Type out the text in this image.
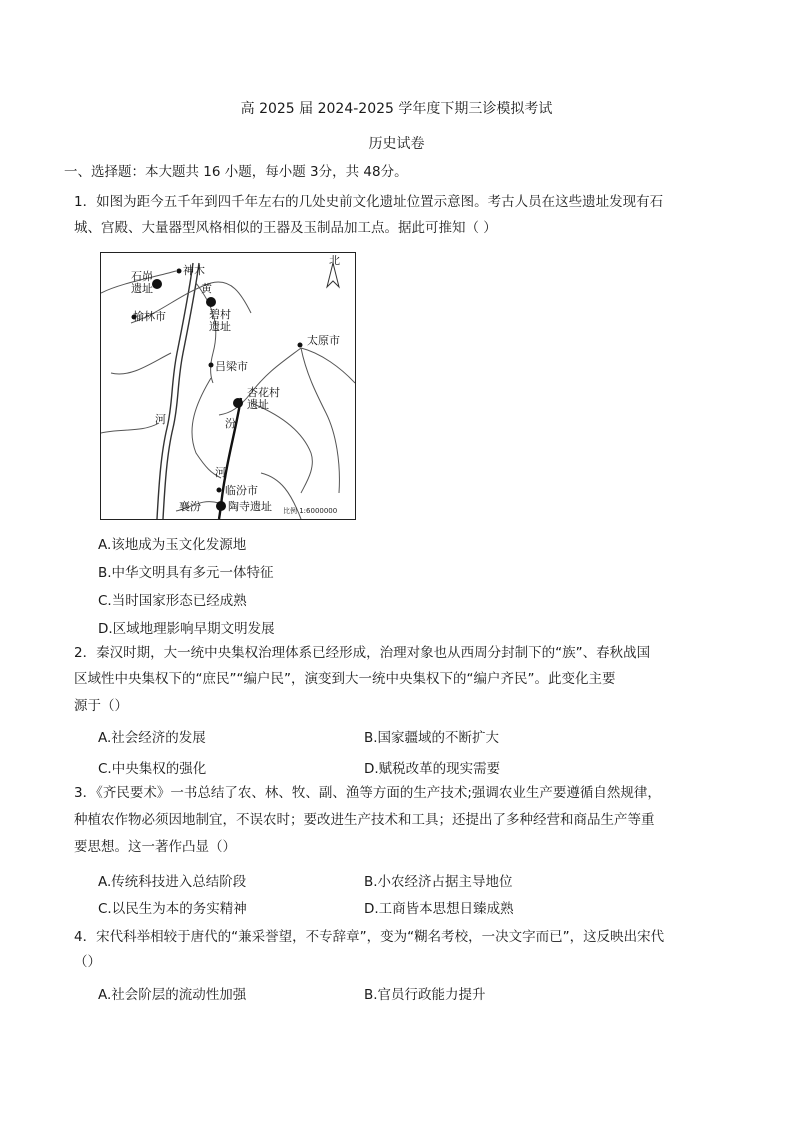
高 2025 届 2024-2025 学年度下期三诊模拟考试
历史试卷
一、选择题：本大题共 16 小题，每小题 3分，共 48分。
1．如图为距今五千年到四千年左右的几处史前文化遗址位置示意图。考古人员在这些遗址发现有石
城、宫殿、大量器型风格相似的王器及玉制品加工点。据此可推知（ ）
北
石峁遗址
神木
黄
碧村遗址
榆林市
太原市
吕梁市
杏花村遗址
河	汾
河
临汾市
襄汾 陶寺遗址 比例 1:6000000
A.该地成为玉文化发源地
B.中华文明具有多元一体特征
C.当时国家形态已经成熟
D.区域地理影响早期文明发展
2．秦汉时期，大一统中央集权治理体系已经形成，治理对象也从西周分封制下的“族”、春秋战国
区域性中央集权下的“庶民”“编户民”，演变到大一统中央集权下的“编户齐民”。此变化主要
源于（）
A.社会经济的发展	B.国家疆域的不断扩大
C.中央集权的强化	D.赋税改革的现实需要
3．《齐民要术》一书总结了农、林、牧、副、渔等方面的生产技术;强调农业生产要遵循自然规律，
种植农作物必须因地制宜，不误农时；要改进生产技术和工具；还提出了多种经营和商品生产等重
要思想。这一著作凸显（）
A.传统科技进入总结阶段	B.小农经济占据主导地位
C.以民生为本的务实精神	D.工商皆本思想日臻成熟
4．宋代科举相较于唐代的“兼采誉望，不专辞章”，变为“糊名考校，一决文字而已”，这反映出宋代
（）
A.社会阶层的流动性加强	B.官员行政能力提升
